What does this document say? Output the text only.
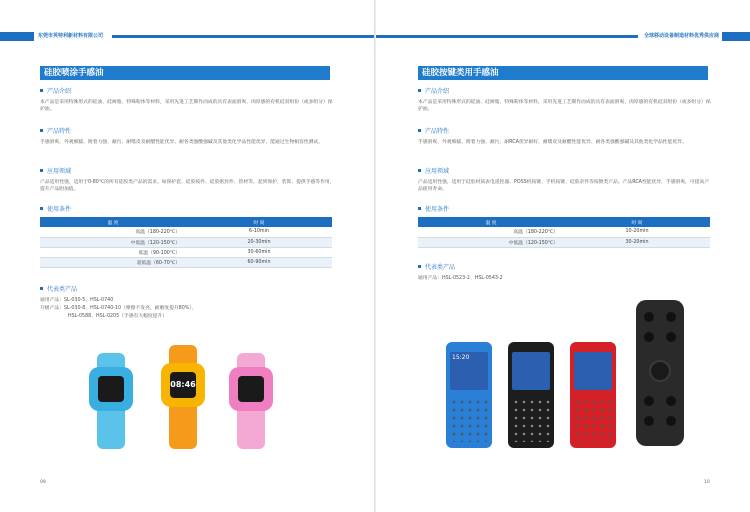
东莞市英特利新材料有限公司
硅胶喷涂手感油
产品介绍
本产品是采用特殊形式的硅油、硅树脂、特殊粉体等材料，采用先进工艺制作而成的具有表面滑爽、肉厚感的有机硅双组份（或多组分）保护油。
产品特性
手感滑爽、外观细腻、附着力强、耐污、耐嗜皮及耐醋性能优异、耐各类强酸强碱及其他类化学品性能优异，能通过生物相容性测试。
应用领域
产品适用性强，适用于0-80℃的所有硅胶类产品的需求。如保护套、硅胶按件、硅胶密封件、管材等。起到保护、装饰、提供手感等作用，提升产品附加值。
使用条件
温 度	时 间
高温（180-220℃）	6-10min
中低温（120-150℃）	20-30min
低温（90-100℃）	30-60min
超低温（60-70℃）	60-90min
代表类产品
通用产品：SL-030-5、HSL-0740
升级产品：SL-030-8、HSL-0740-10（摩擦不发亮，耐磨度提升80%），
HSL-0588、HSL-0205（手感有大幅度提升）
08:46
09
全球移动设备制造材料优秀供应商
硅胶按键类用手感油
产品介绍
本产品是采用特殊形式的硅油、硅树脂、特殊粉体等材料，采用先进工艺制作而成的具有表面滑爽、肉厚感的有机硅双组份（或多组分）保护油。
产品特性
手感滑爽、外观细腻、附着力强、耐污、耐RCA优异耐好、耐嗜皮及耐醋性能优异、耐各类强酸强碱及其他类化学品性能优异。
应用领域
产品适用性强，适用于硅胶材质表电遥控器、POSS机按键、手机按键、硅胶杂件等按键类产品。产品RCA性能优异，手感滑爽，可提高产品使用寿命。
使用条件
温 度	时 间
高温（180-220℃）	10-20min
中低温（120-150℃）	30-20min
代表类产品
通用产品：HSL-0523-2、HSL-0543-2
15:20
10
